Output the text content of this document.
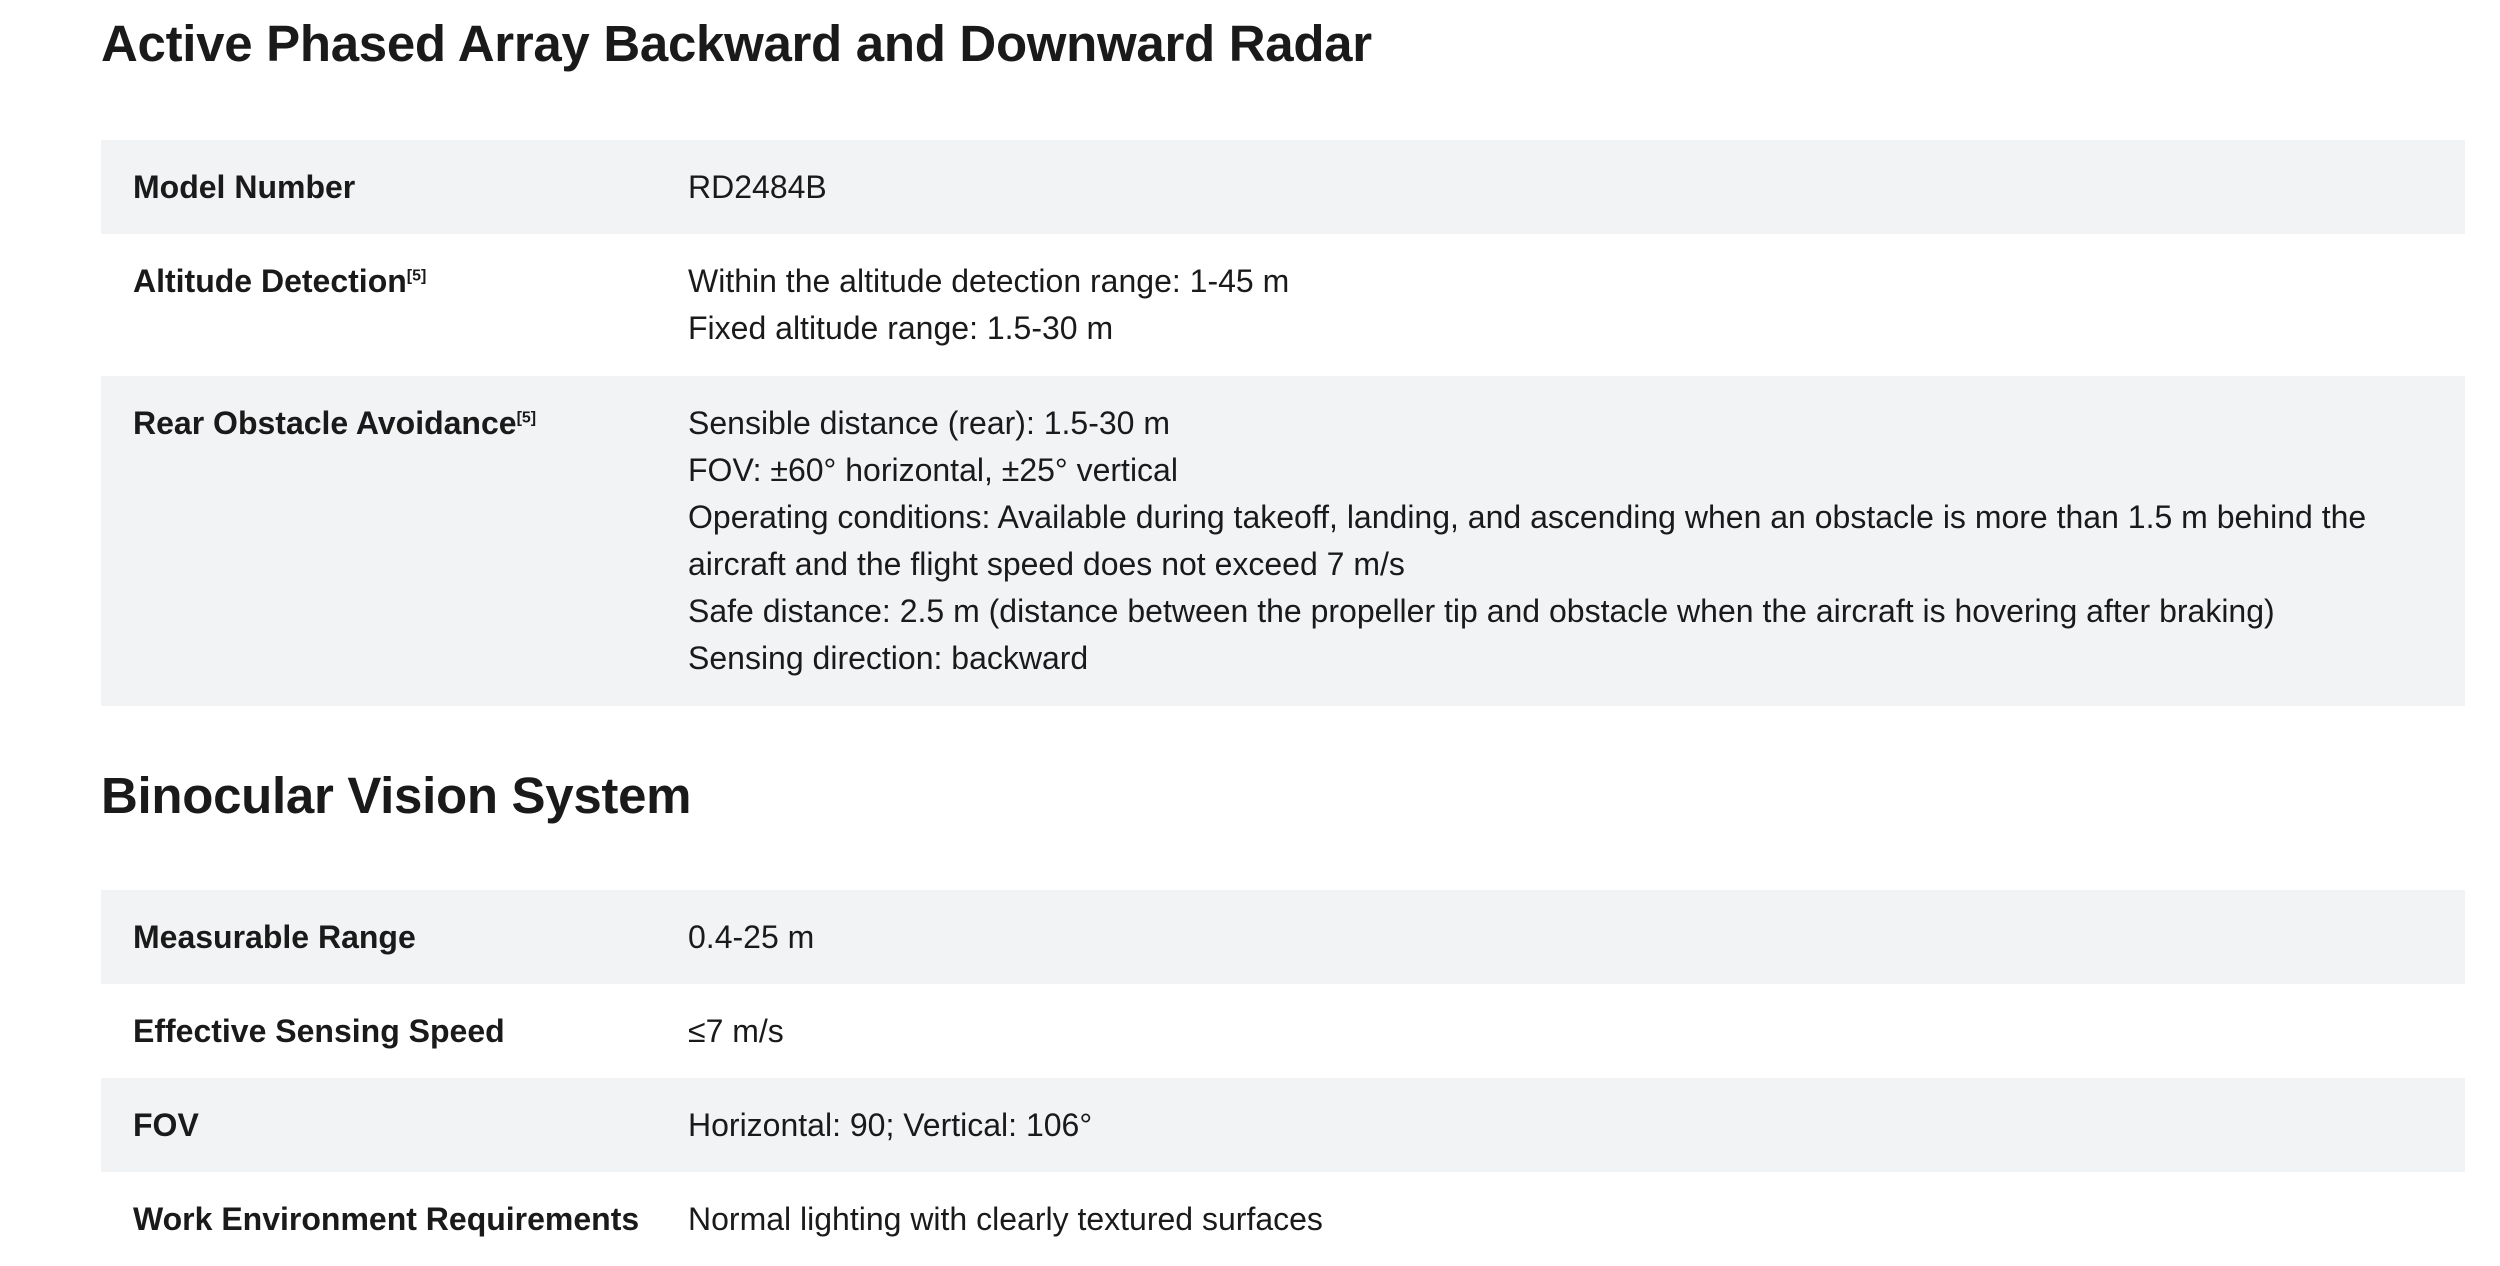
Active Phased Array Backward and Downward Radar
Model Number	RD2484B
Altitude Detection[5]	Within the altitude detection range: 1-45 m
Fixed altitude range: 1.5-30 m
Rear Obstacle Avoidance[5]	Sensible distance (rear): 1.5-30 m
FOV: ±60° horizontal, ±25° vertical
Operating conditions: Available during takeoff, landing, and ascending when an obstacle is more than 1.5 m behind the
aircraft and the flight speed does not exceed 7 m/s
Safe distance: 2.5 m (distance between the propeller tip and obstacle when the aircraft is hovering after braking)
Sensing direction: backward
Binocular Vision System
Measurable Range	0.4-25 m
Effective Sensing Speed	≤7 m/s
FOV	Horizontal: 90; Vertical: 106°
Work Environment Requirements	Normal lighting with clearly textured surfaces
